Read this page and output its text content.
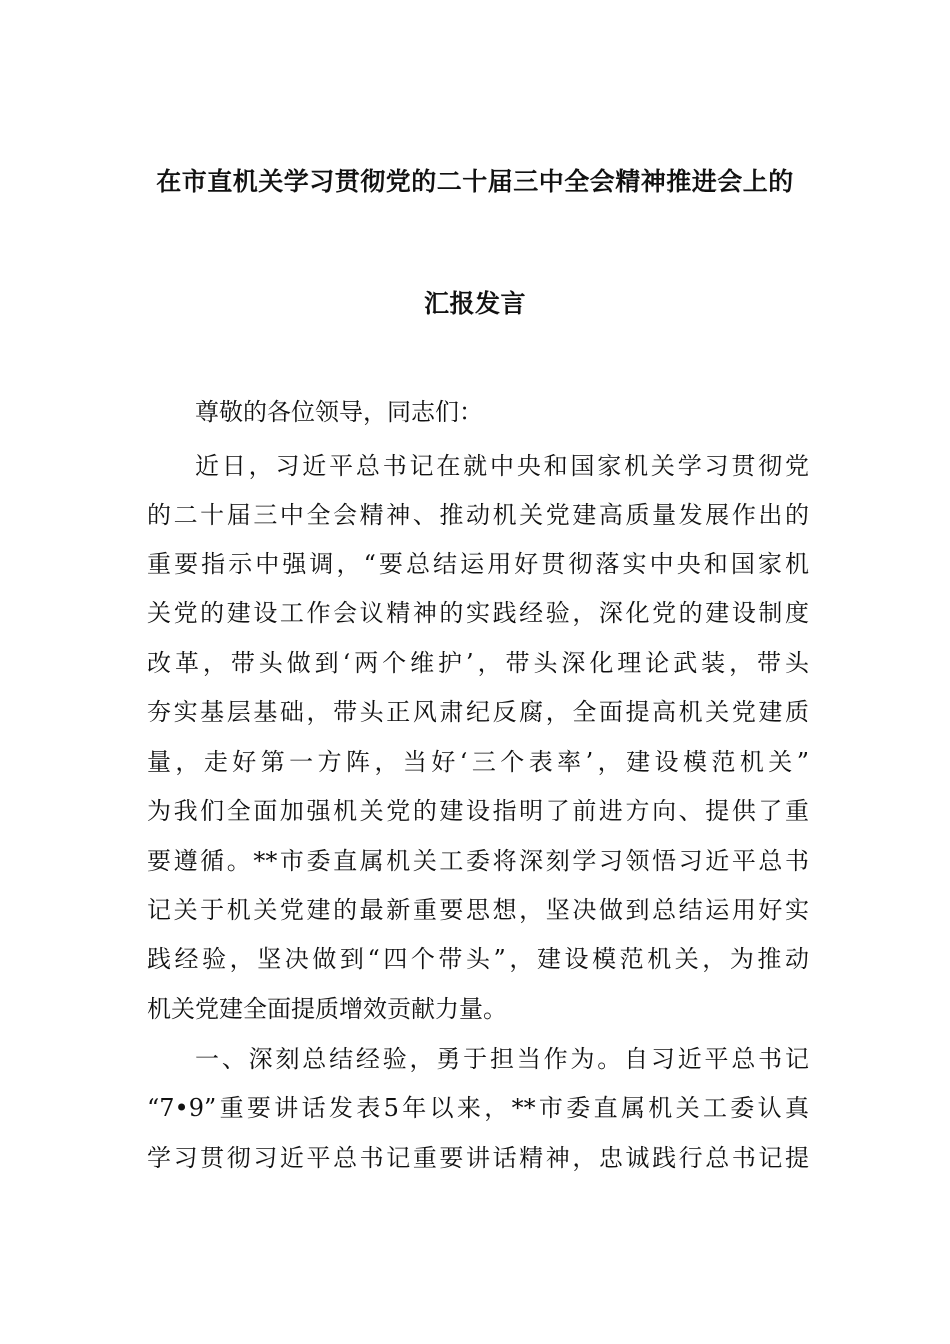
在市直机关学习贯彻党的二十届三中全会精神推进会上的
汇报发言

尊敬的各位领导，同志们：

近日，习近平总书记在就中央和国家机关学习贯彻党

的二十届三中全会精神、推动机关党建高质量发展作出的

重要指示中强调，“要总结运用好贯彻落实中央和国家机

关党的建设工作会议精神的实践经验，深化党的建设制度

改革，带头做到‘两个维护’，带头深化理论武装，带头

夯实基层基础，带头正风肃纪反腐，全面提高机关党建质

量，走好第一方阵，当好‘三个表率’，建设模范机关”

为我们全面加强机关党的建设指明了前进方向、提供了重

要遵循。**市委直属机关工委将深刻学习领悟习近平总书

记关于机关党建的最新重要思想，坚决做到总结运用好实

践经验，坚决做到“四个带头”，建设模范机关，为推动

机关党建全面提质增效贡献力量。

一、深刻总结经验，勇于担当作为。自习近平总书记

“7•9”重要讲话发表5年以来，**市委直属机关工委认真

学习贯彻习近平总书记重要讲话精神，忠诚践行总书记提
